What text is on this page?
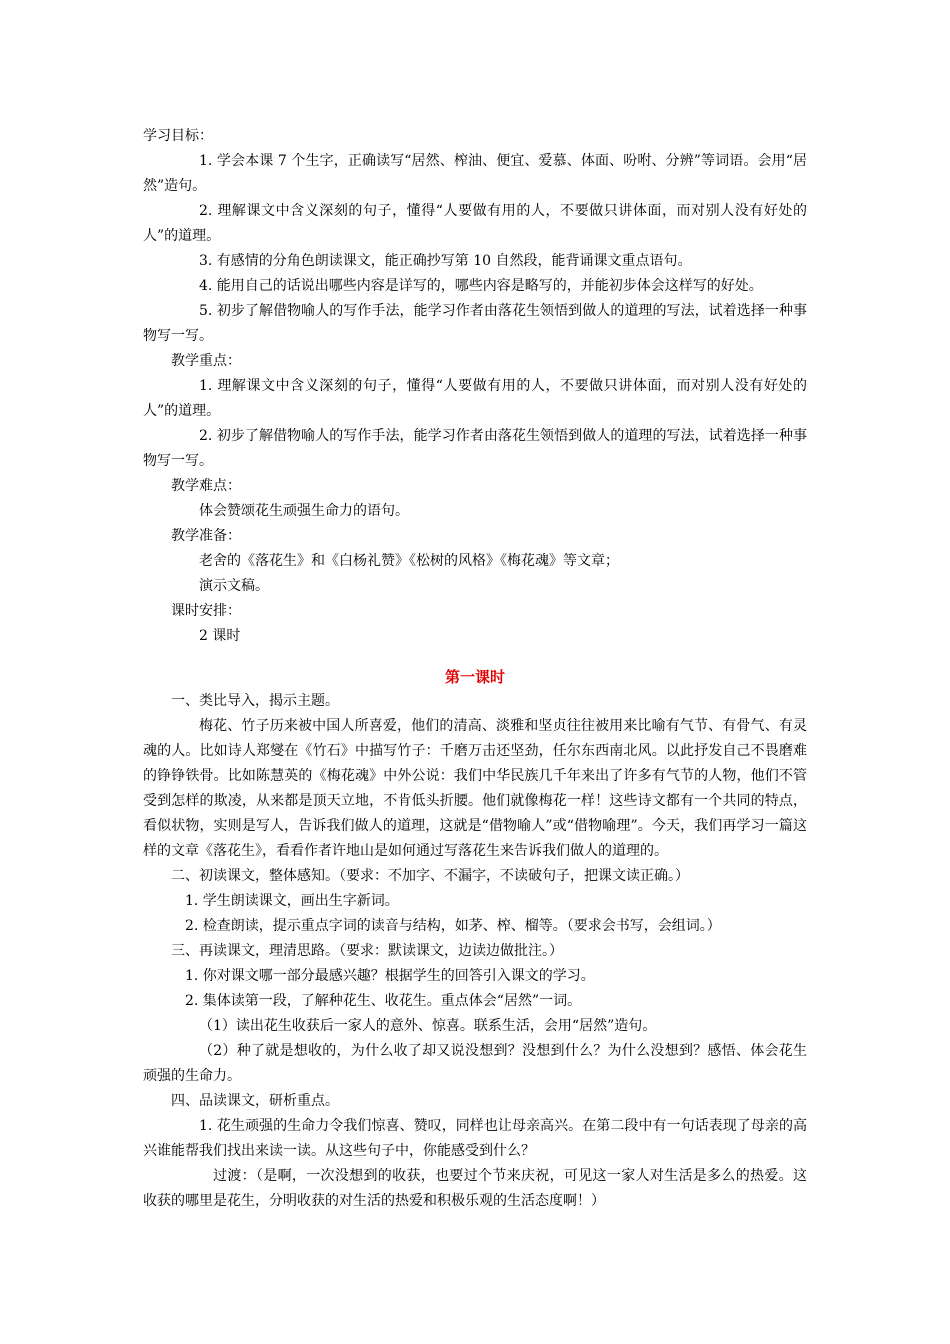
学习目标：

1. 学会本课 7 个生字，正确读写“居然、榨油、便宜、爱慕、体面、吩咐、分辨”等词语。会用“居然”造句。

2. 理解课文中含义深刻的句子，懂得“人要做有用的人，不要做只讲体面，而对别人没有好处的人”的道理。

3. 有感情的分角色朗读课文，能正确抄写第 10 自然段，能背诵课文重点语句。

4. 能用自己的话说出哪些内容是详写的，哪些内容是略写的，并能初步体会这样写的好处。

5. 初步了解借物喻人的写作手法，能学习作者由落花生领悟到做人的道理的写法，试着选择一种事物写一写。

教学重点：

1. 理解课文中含义深刻的句子，懂得“人要做有用的人，不要做只讲体面，而对别人没有好处的人”的道理。

2. 初步了解借物喻人的写作手法，能学习作者由落花生领悟到做人的道理的写法，试着选择一种事物写一写。

教学难点：

体会赞颂花生顽强生命力的语句。

教学准备：

老舍的《落花生》和《白杨礼赞》《松树的风格》《梅花魂》等文章；

演示文稿。

课时安排：

2 课时

第一课时

一、类比导入，揭示主题。

梅花、竹子历来被中国人所喜爱，他们的清高、淡雅和坚贞往往被用来比喻有气节、有骨气、有灵魂的人。比如诗人郑燮在《竹石》中描写竹子：千磨万击还坚劲，任尔东西南北风。以此抒发自己不畏磨难的铮铮铁骨。比如陈慧英的《梅花魂》中外公说：我们中华民族几千年来出了许多有气节的人物，他们不管受到怎样的欺凌，从来都是顶天立地，不肯低头折腰。他们就像梅花一样！这些诗文都有一个共同的特点，看似状物，实则是写人，告诉我们做人的道理，这就是“借物喻人”或“借物喻理”。今天，我们再学习一篇这样的文章《落花生》，看看作者许地山是如何通过写落花生来告诉我们做人的道理的。

二、初读课文，整体感知。（要求：不加字、不漏字，不读破句子，把课文读正确。）

1. 学生朗读课文，画出生字新词。

2. 检查朗读，提示重点字词的读音与结构，如茅、榨、榴等。（要求会书写，会组词。）

三、再读课文，理清思路。（要求：默读课文，边读边做批注。）

1. 你对课文哪一部分最感兴趣？根据学生的回答引入课文的学习。

2. 集体读第一段，了解种花生、收花生。重点体会“居然”一词。

（1）读出花生收获后一家人的意外、惊喜。联系生活，会用“居然”造句。

（2）种了就是想收的，为什么收了却又说没想到？没想到什么？为什么没想到？感悟、体会花生顽强的生命力。

四、品读课文，研析重点。

1. 花生顽强的生命力令我们惊喜、赞叹，同样也让母亲高兴。在第二段中有一句话表现了母亲的高兴谁能帮我们找出来读一读。从这些句子中，你能感受到什么？

过渡：（是啊，一次没想到的收获，也要过个节来庆祝，可见这一家人对生活是多么的热爱。这收获的哪里是花生，分明收获的对生活的热爱和积极乐观的生活态度啊！）
